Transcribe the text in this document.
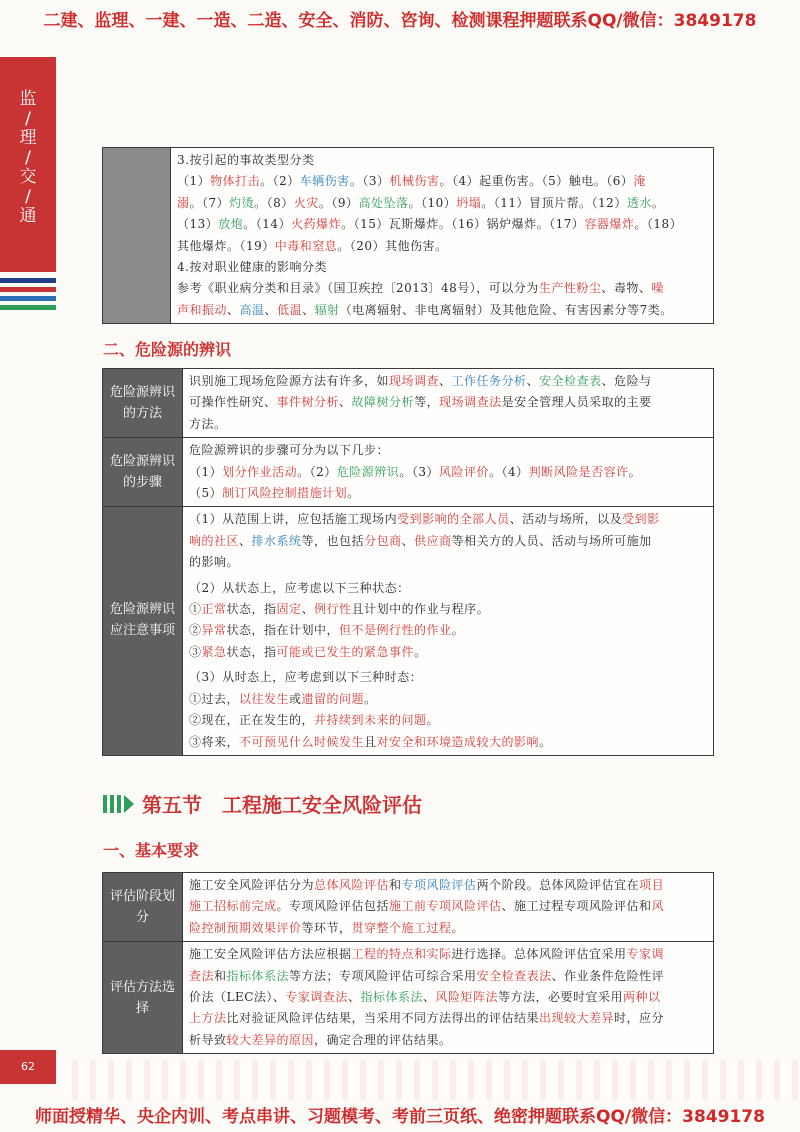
二建、监理、一建、一造、二造、安全、消防、咨询、检测课程押题联系QQ/微信：3849178
监
/
理
/
交
/
通
3.按引起的事故类型分类
（1）物体打击。（2）车辆伤害。（3）机械伤害。（4）起重伤害。（5）触电。（6）淹
溺。（7）灼烫。（8）火灾。（9）高处坠落。（10）坍塌。（11）冒顶片帮。（12）透水。
（13）放炮。（14）火药爆炸。（15）瓦斯爆炸。（16）锅炉爆炸。（17）容器爆炸。（18）
其他爆炸。（19）中毒和窒息。（20）其他伤害。
4.按对职业健康的影响分类
参考《职业病分类和目录》（国卫疾控〔2013〕48号），可以分为生产性粉尘、毒物、噪
声和振动、高温、低温、辐射（电离辐射、非电离辐射）及其他危险、有害因素分等7类。
二、危险源的辨识
危险源辨识的方法
识别施工现场危险源方法有许多，如现场调查、工作任务分析、安全检查表、危险与
可操作性研究、事件树分析、故障树分析等，现场调查法是安全管理人员采取的主要
方法。
危险源辨识的步骤
危险源辨识的步骤可分为以下几步：
（1）划分作业活动。（2）危险源辨识。（3）风险评价。（4）判断风险是否容许。
（5）制订风险控制措施计划。
（1）从范围上讲，应包括施工现场内受到影响的全部人员、活动与场所，以及受到影
响的社区、排水系统等，也包括分包商、供应商等相关方的人员、活动与场所可施加
的影响。
危险源辨识应注意事项
（2）从状态上，应考虑以下三种状态：
①正常状态，指固定、例行性且计划中的作业与程序。
②异常状态，指在计划中，但不是例行性的作业。
③紧急状态，指可能或已发生的紧急事件。
（3）从时态上，应考虑到以下三种时态：
①过去，以往发生或遗留的问题。
②现在，正在发生的，并持续到未来的问题。
③将来，不可预见什么时候发生且对安全和环境造成较大的影响。
第五节　工程施工安全风险评估
一、基本要求
评估阶段划分
施工安全风险评估分为总体风险评估和专项风险评估两个阶段。总体风险评估宜在项目
施工招标前完成。专项风险评估包括施工前专项风险评估、施工过程专项风险评估和风
险控制预期效果评价等环节，贯穿整个施工过程。
评估方法选择
施工安全风险评估方法应根据工程的特点和实际进行选择。总体风险评估宜采用专家调
查法和指标体系法等方法；专项风险评估可综合采用安全检查表法、作业条件危险性评
价法（LEC法）、专家调查法、指标体系法、风险矩阵法等方法，必要时宜采用两种以
上方法比对验证风险评估结果，当采用不同方法得出的评估结果出现较大差异时，应分
析导致较大差异的原因，确定合理的评估结果。
62
师面授精华、央企内训、考点串讲、习题模考、考前三页纸、绝密押题联系QQ/微信：3849178
